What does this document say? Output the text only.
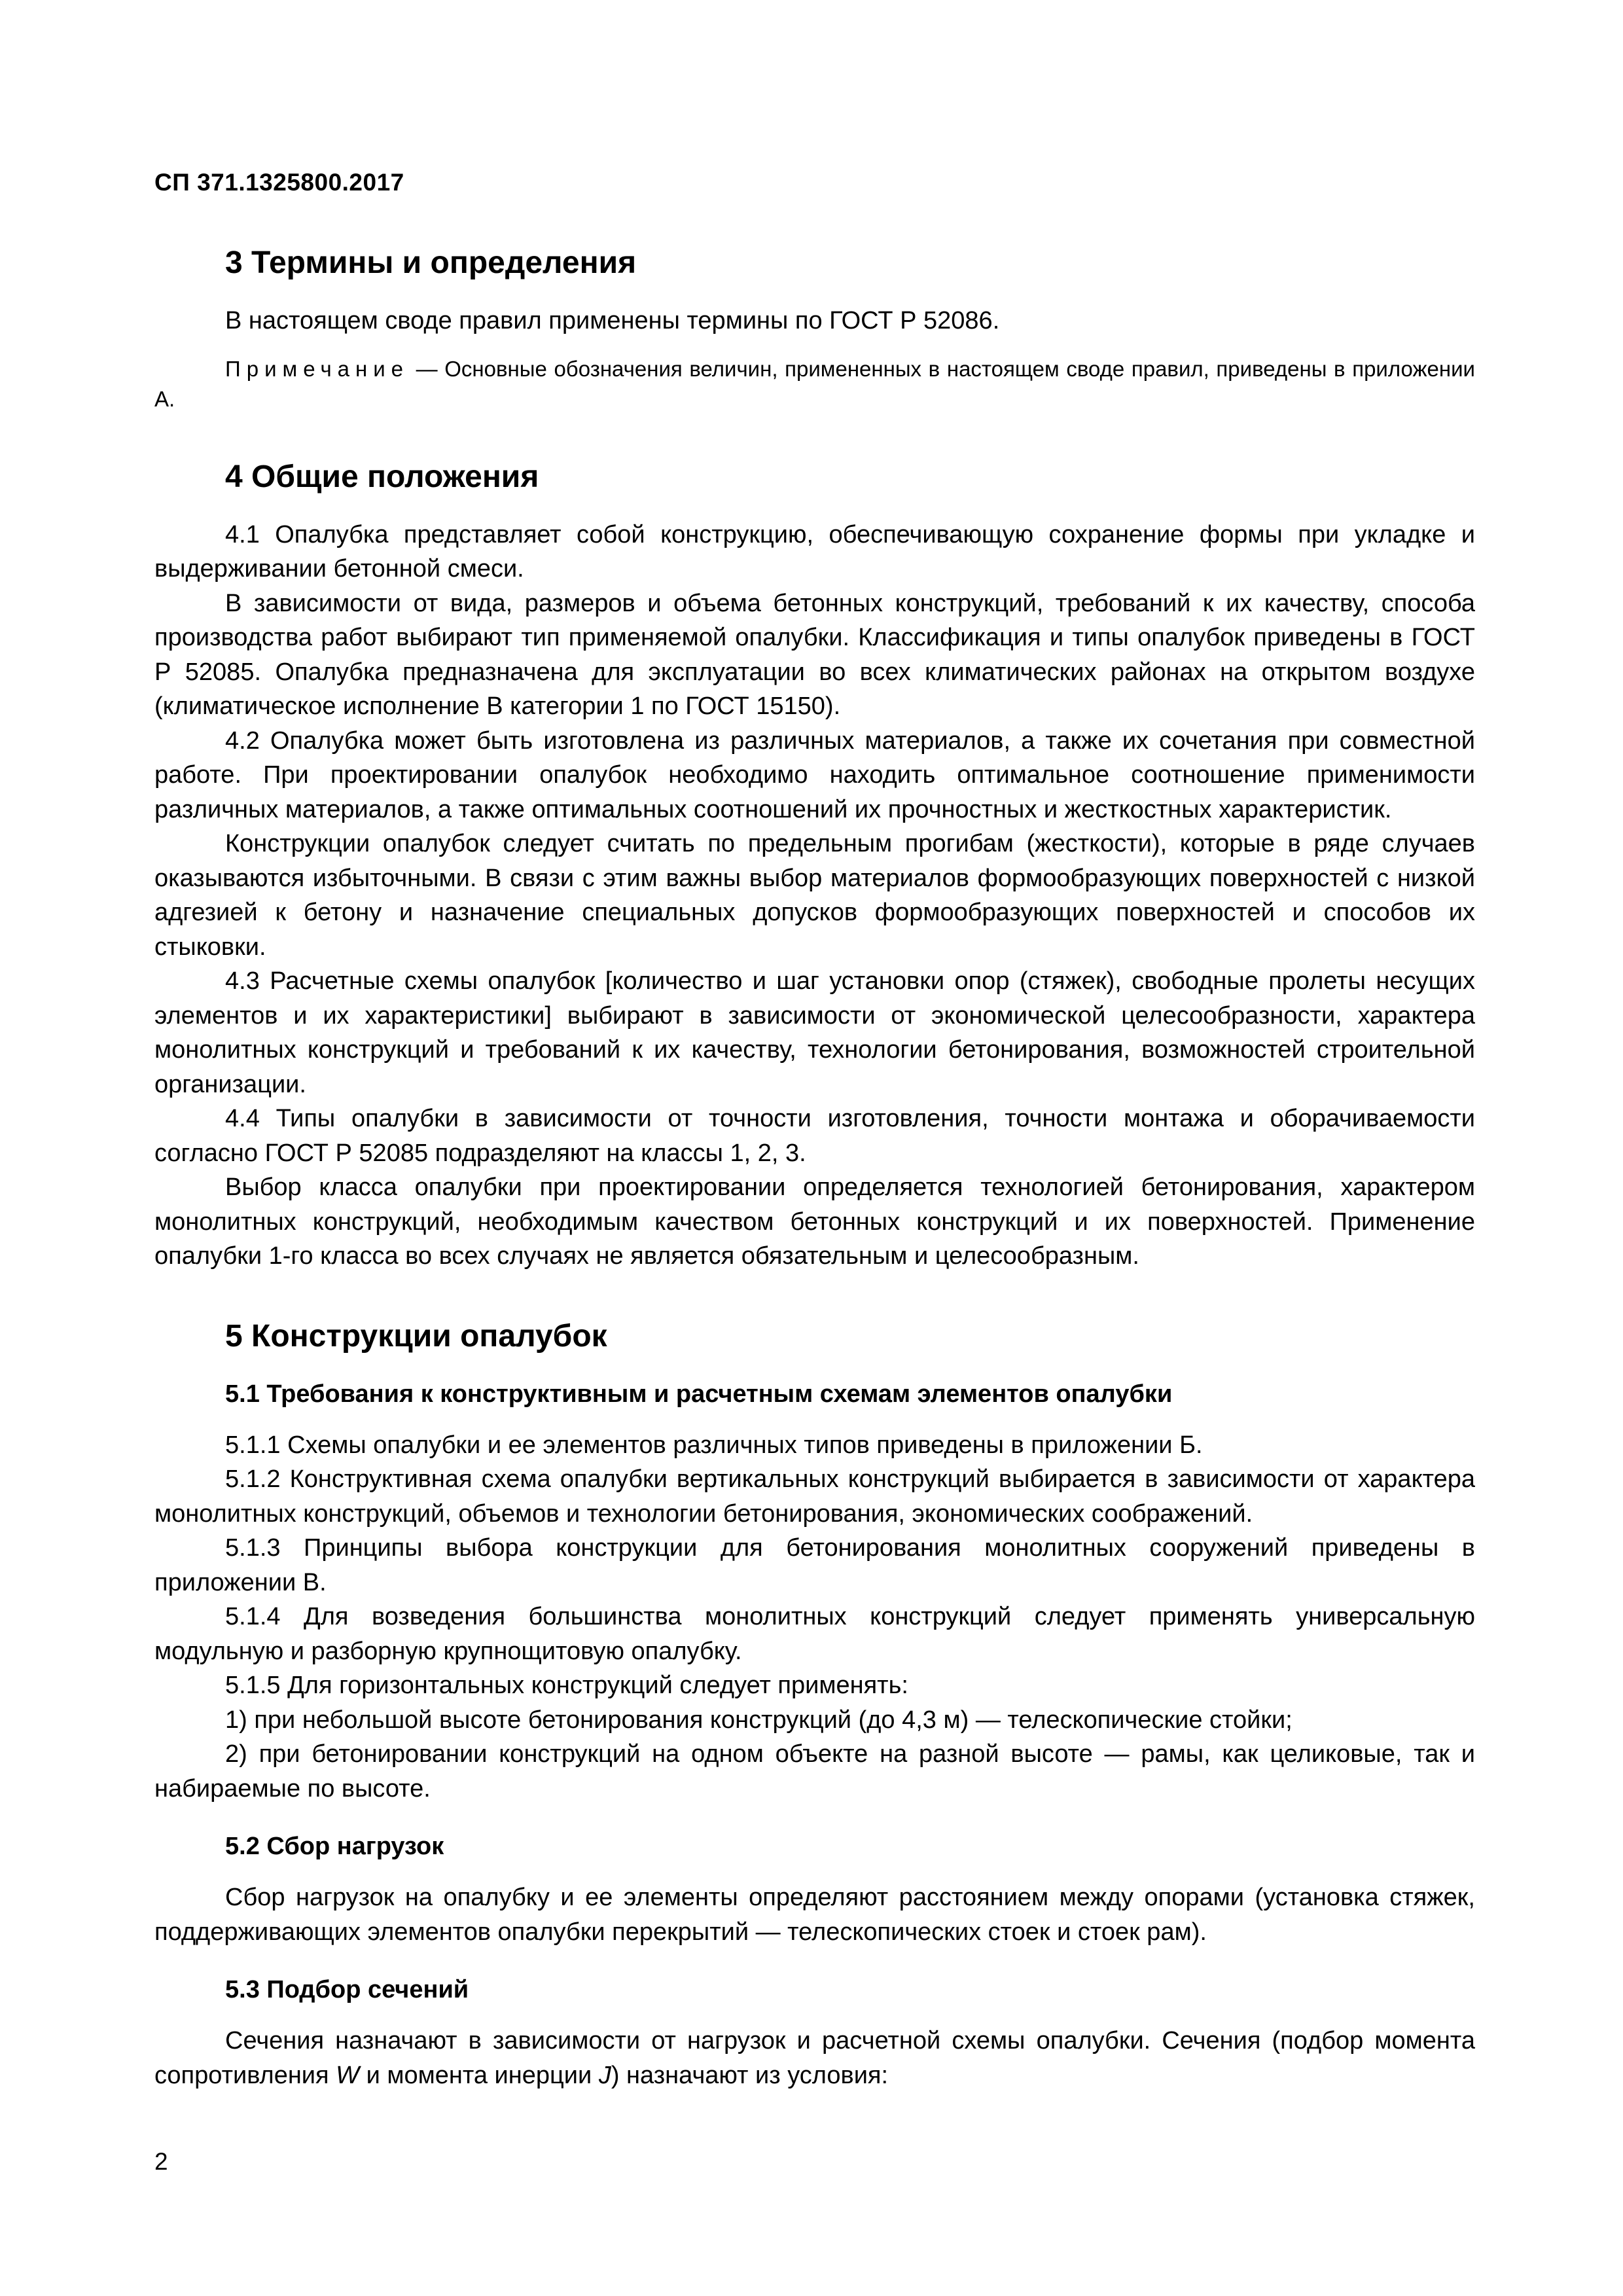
СП 371.1325800.2017
3 Термины и определения

В настоящем своде правил применены термины по ГОСТ Р 52086.

Примечание — Основные обозначения величин, примененных в настоящем своде правил, приведены в приложении А.

4 Общие положения

4.1 Опалубка представляет собой конструкцию, обеспечивающую сохранение формы при укладке и выдерживании бетонной смеси.

В зависимости от вида, размеров и объема бетонных конструкций, требований к их качеству, способа производства работ выбирают тип применяемой опалубки. Классификация и типы опалубок приведены в ГОСТ Р 52085. Опалубка предназначена для эксплуатации во всех климатических районах на открытом воздухе (климатическое исполнение В категории 1 по ГОСТ 15150).

4.2 Опалубка может быть изготовлена из различных материалов, а также их сочетания при совместной работе. При проектировании опалубок необходимо находить оптимальное соотношение применимости различных материалов, а также оптимальных соотношений их прочностных и жесткостных характеристик.

Конструкции опалубок следует считать по предельным прогибам (жесткости), которые в ряде случаев оказываются избыточными. В связи с этим важны выбор материалов формообразующих поверхностей с низкой адгезией к бетону и назначение специальных допусков формообразующих поверхностей и способов их стыковки.

4.3 Расчетные схемы опалубок [количество и шаг установки опор (стяжек), свободные пролеты несущих элементов и их характеристики] выбирают в зависимости от экономической целесообразности, характера монолитных конструкций и требований к их качеству, технологии бетонирования, возможностей строительной организации.

4.4 Типы опалубки в зависимости от точности изготовления, точности монтажа и оборачиваемости согласно ГОСТ Р 52085 подразделяют на классы 1, 2, 3.

Выбор класса опалубки при проектировании определяется технологией бетонирования, характером монолитных конструкций, необходимым качеством бетонных конструкций и их поверхностей. Применение опалубки 1-го класса во всех случаях не является обязательным и целесообразным.

5 Конструкции опалубок
5.1 Требования к конструктивным и расчетным схемам элементов опалубки

5.1.1 Схемы опалубки и ее элементов различных типов приведены в приложении Б.

5.1.2 Конструктивная схема опалубки вертикальных конструкций выбирается в зависимости от характера монолитных конструкций, объемов и технологии бетонирования, экономических соображений.

5.1.3 Принципы выбора конструкции для бетонирования монолитных сооружений приведены в приложении В.

5.1.4 Для возведения большинства монолитных конструкций следует применять универсальную модульную и разборную крупнощитовую опалубку.

5.1.5 Для горизонтальных конструкций следует применять:

1) при небольшой высоте бетонирования конструкций (до 4,3 м) — телескопические стойки;

2) при бетонировании конструкций на одном объекте на разной высоте — рамы, как целиковые, так и набираемые по высоте.

5.2 Сбор нагрузок

Сбор нагрузок на опалубку и ее элементы определяют расстоянием между опорами (установка стяжек, поддерживающих элементов опалубки перекрытий — телескопических стоек и стоек рам).

5.3 Подбор сечений

Сечения назначают в зависимости от нагрузок и расчетной схемы опалубки. Сечения (подбор момента сопротивления W и момента инерции J) назначают из условия:

2
